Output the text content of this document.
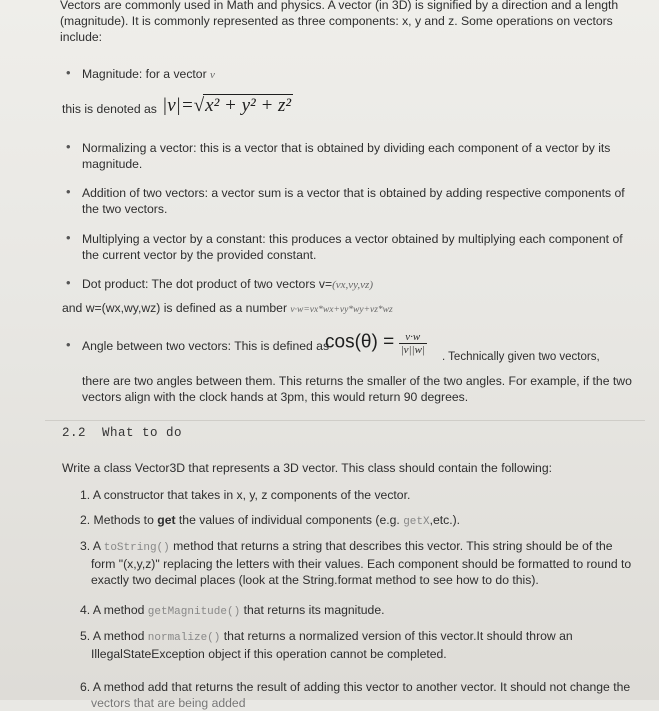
Vectors are commonly used in Math and physics. A vector (in 3D) is signified by a direction and a length
(magnitude). It is commonly represented as three components: x, y and z. Some operations on vectors
include:
• Magnitude: for a vector v
this is denoted as |v|=√x² + y² + z²
• Normalizing a vector: this is a vector that is obtained by dividing each component of a vector by its
magnitude.
• Addition of two vectors: a vector sum is a vector that is obtained by adding respective components of
the two vectors.
• Multiplying a vector by a constant: this produces a vector obtained by multiplying each component of
the current vector by the provided constant.
• Dot product: The dot product of two vectors v=(vx,vy,vz)
and w=(wx,wy,wz) is defined as a number v·w=vx*wx+vy*wy+vz*wz
• Angle between two vectors: This is defined as
$\cos(\theta) = \frac{v\cdot w}{|v||w|}$
. Technically given two vectors,
there are two angles between them. This returns the smaller of the two angles. For example, if the two
vectors align with the clock hands at 3pm, this would return 90 degrees.
2.2 What to do
Write a class Vector3D that represents a 3D vector. This class should contain the following:
1. A constructor that takes in x, y, z components of the vector.
2. Methods to get the values of individual components (e.g. getX,etc.).
3. A toString() method that returns a string that describes this vector. This string should be of the
form "(x,y,z)" replacing the letters with their values. Each component should be formatted to round to
exactly two decimal places (look at the String.format method to see how to do this).
4. A method getMagnitude() that returns its magnitude.
5. A method normalize() that returns a normalized version of this vector.It should throw an
IllegalStateException object if this operation cannot be completed.
6. A method add that returns the result of adding this vector to another vector. It should not change the
vectors that are being added
